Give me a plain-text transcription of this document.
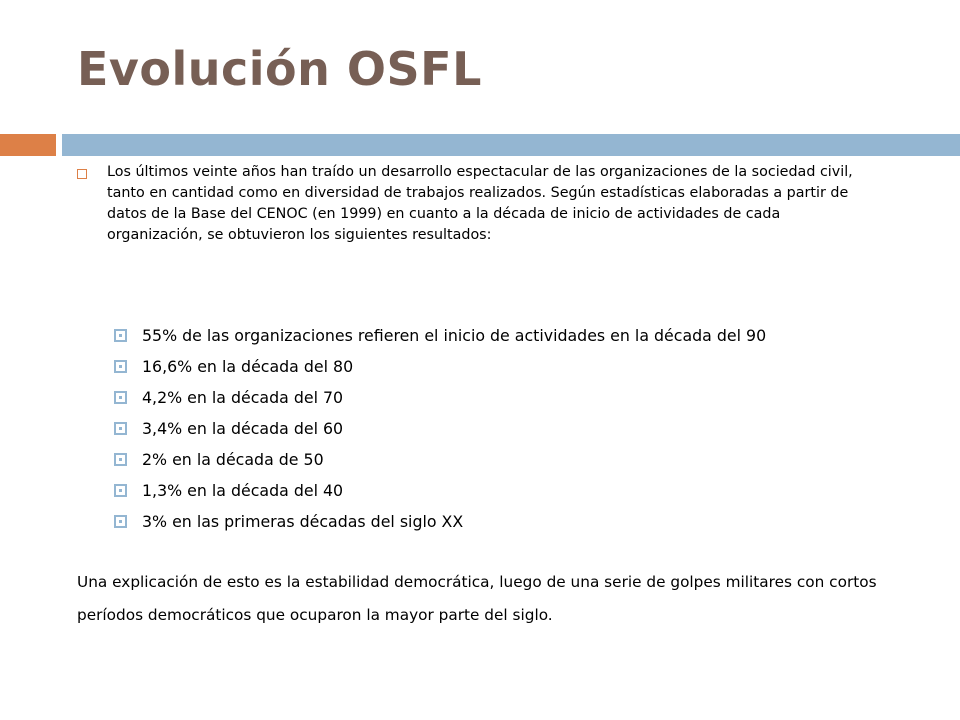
Evolución OSFL
Los últimos veinte años han traído un desarrollo espectacular de las organizaciones de la sociedad civil, tanto en cantidad como en diversidad de trabajos realizados. Según estadísticas elaboradas a partir de datos de la Base del CENOC (en 1999) en cuanto a la década de inicio de actividades de cada organización, se obtuvieron los siguientes resultados:
55% de las organizaciones refieren el inicio de actividades en la década del 90
16,6% en la década del 80
4,2% en la década del 70
3,4% en la década del 60
2% en la década de 50
1,3% en la década del 40
3% en las primeras décadas del siglo XX

Una explicación de esto es la estabilidad democrática, luego de una serie de golpes militares con cortos períodos democráticos que ocuparon la mayor parte del siglo.
